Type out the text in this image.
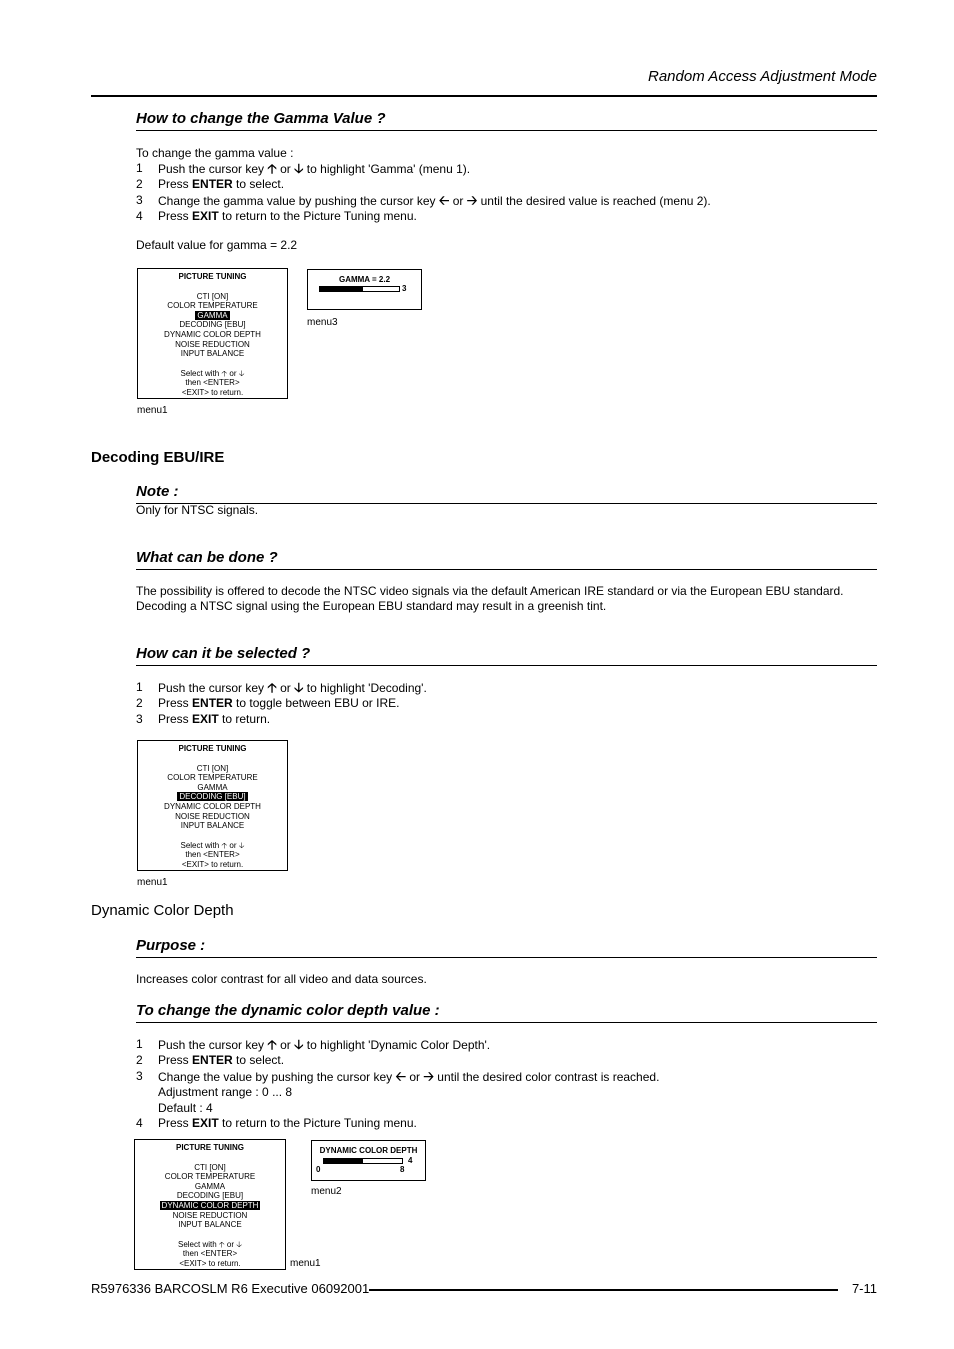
Random Access Adjustment Mode
How to change the Gamma Value ?
To change the gamma value :
1	Push the cursor key 🡡 or 🡣 to highlight 'Gamma' (menu 1).
2	Press ENTER to select.
3	Change the gamma value by pushing the cursor key 🡠 or 🡢 until the desired value is reached (menu 2).
4	Press EXIT to return to the Picture Tuning menu.
Default value for gamma = 2.2
PICTURE TUNING
CTI [ON]
COLOR TEMPERATURE
GAMMA
DECODING [EBU]
DYNAMIC COLOR DEPTH
NOISE REDUCTION
INPUT BALANCE
Select with 🡡 or 🡣
then <ENTER>
<EXIT> to return.
menu1
GAMMA = 2.2
3
menu3
Decoding EBU/IRE
Note :
Only for NTSC signals.
What can be done ?
The possibility is offered to decode the NTSC video signals via the default American IRE standard or via the European EBU standard. Decoding a NTSC signal using the European EBU standard may result in a greenish tint.
How can it be selected ?
1	Push the cursor key 🡡 or 🡣 to highlight 'Decoding'.
2	Press ENTER to toggle between EBU or IRE.
3	Press EXIT to return.
PICTURE TUNING
CTI [ON]
COLOR TEMPERATURE
GAMMA
DECODING [EBU]
DYNAMIC COLOR DEPTH
NOISE REDUCTION
INPUT BALANCE
Select with 🡡 or 🡣
then <ENTER>
<EXIT> to return.
menu1
Dynamic Color Depth
Purpose :
Increases color contrast for all video and data sources.
To change the dynamic color depth value :
1	Push the cursor key 🡡 or 🡣 to highlight 'Dynamic Color Depth'.
2	Press ENTER to select.
3	Change the value by pushing the cursor key 🡠 or 🡢 until the desired color contrast is reached.
Adjustment range : 0 ... 8
Default : 4
4	Press EXIT to return to the Picture Tuning menu.
PICTURE TUNING
CTI [ON]
COLOR TEMPERATURE
GAMMA
DECODING [EBU]
DYNAMIC COLOR DEPTH
NOISE REDUCTION
INPUT BALANCE
Select with 🡡 or 🡣
then <ENTER>
<EXIT> to return.	menu1
DYNAMIC COLOR DEPTH
4
0	8
menu2
R5976336 BARCOSLM R6 Executive 06092001	7-11
